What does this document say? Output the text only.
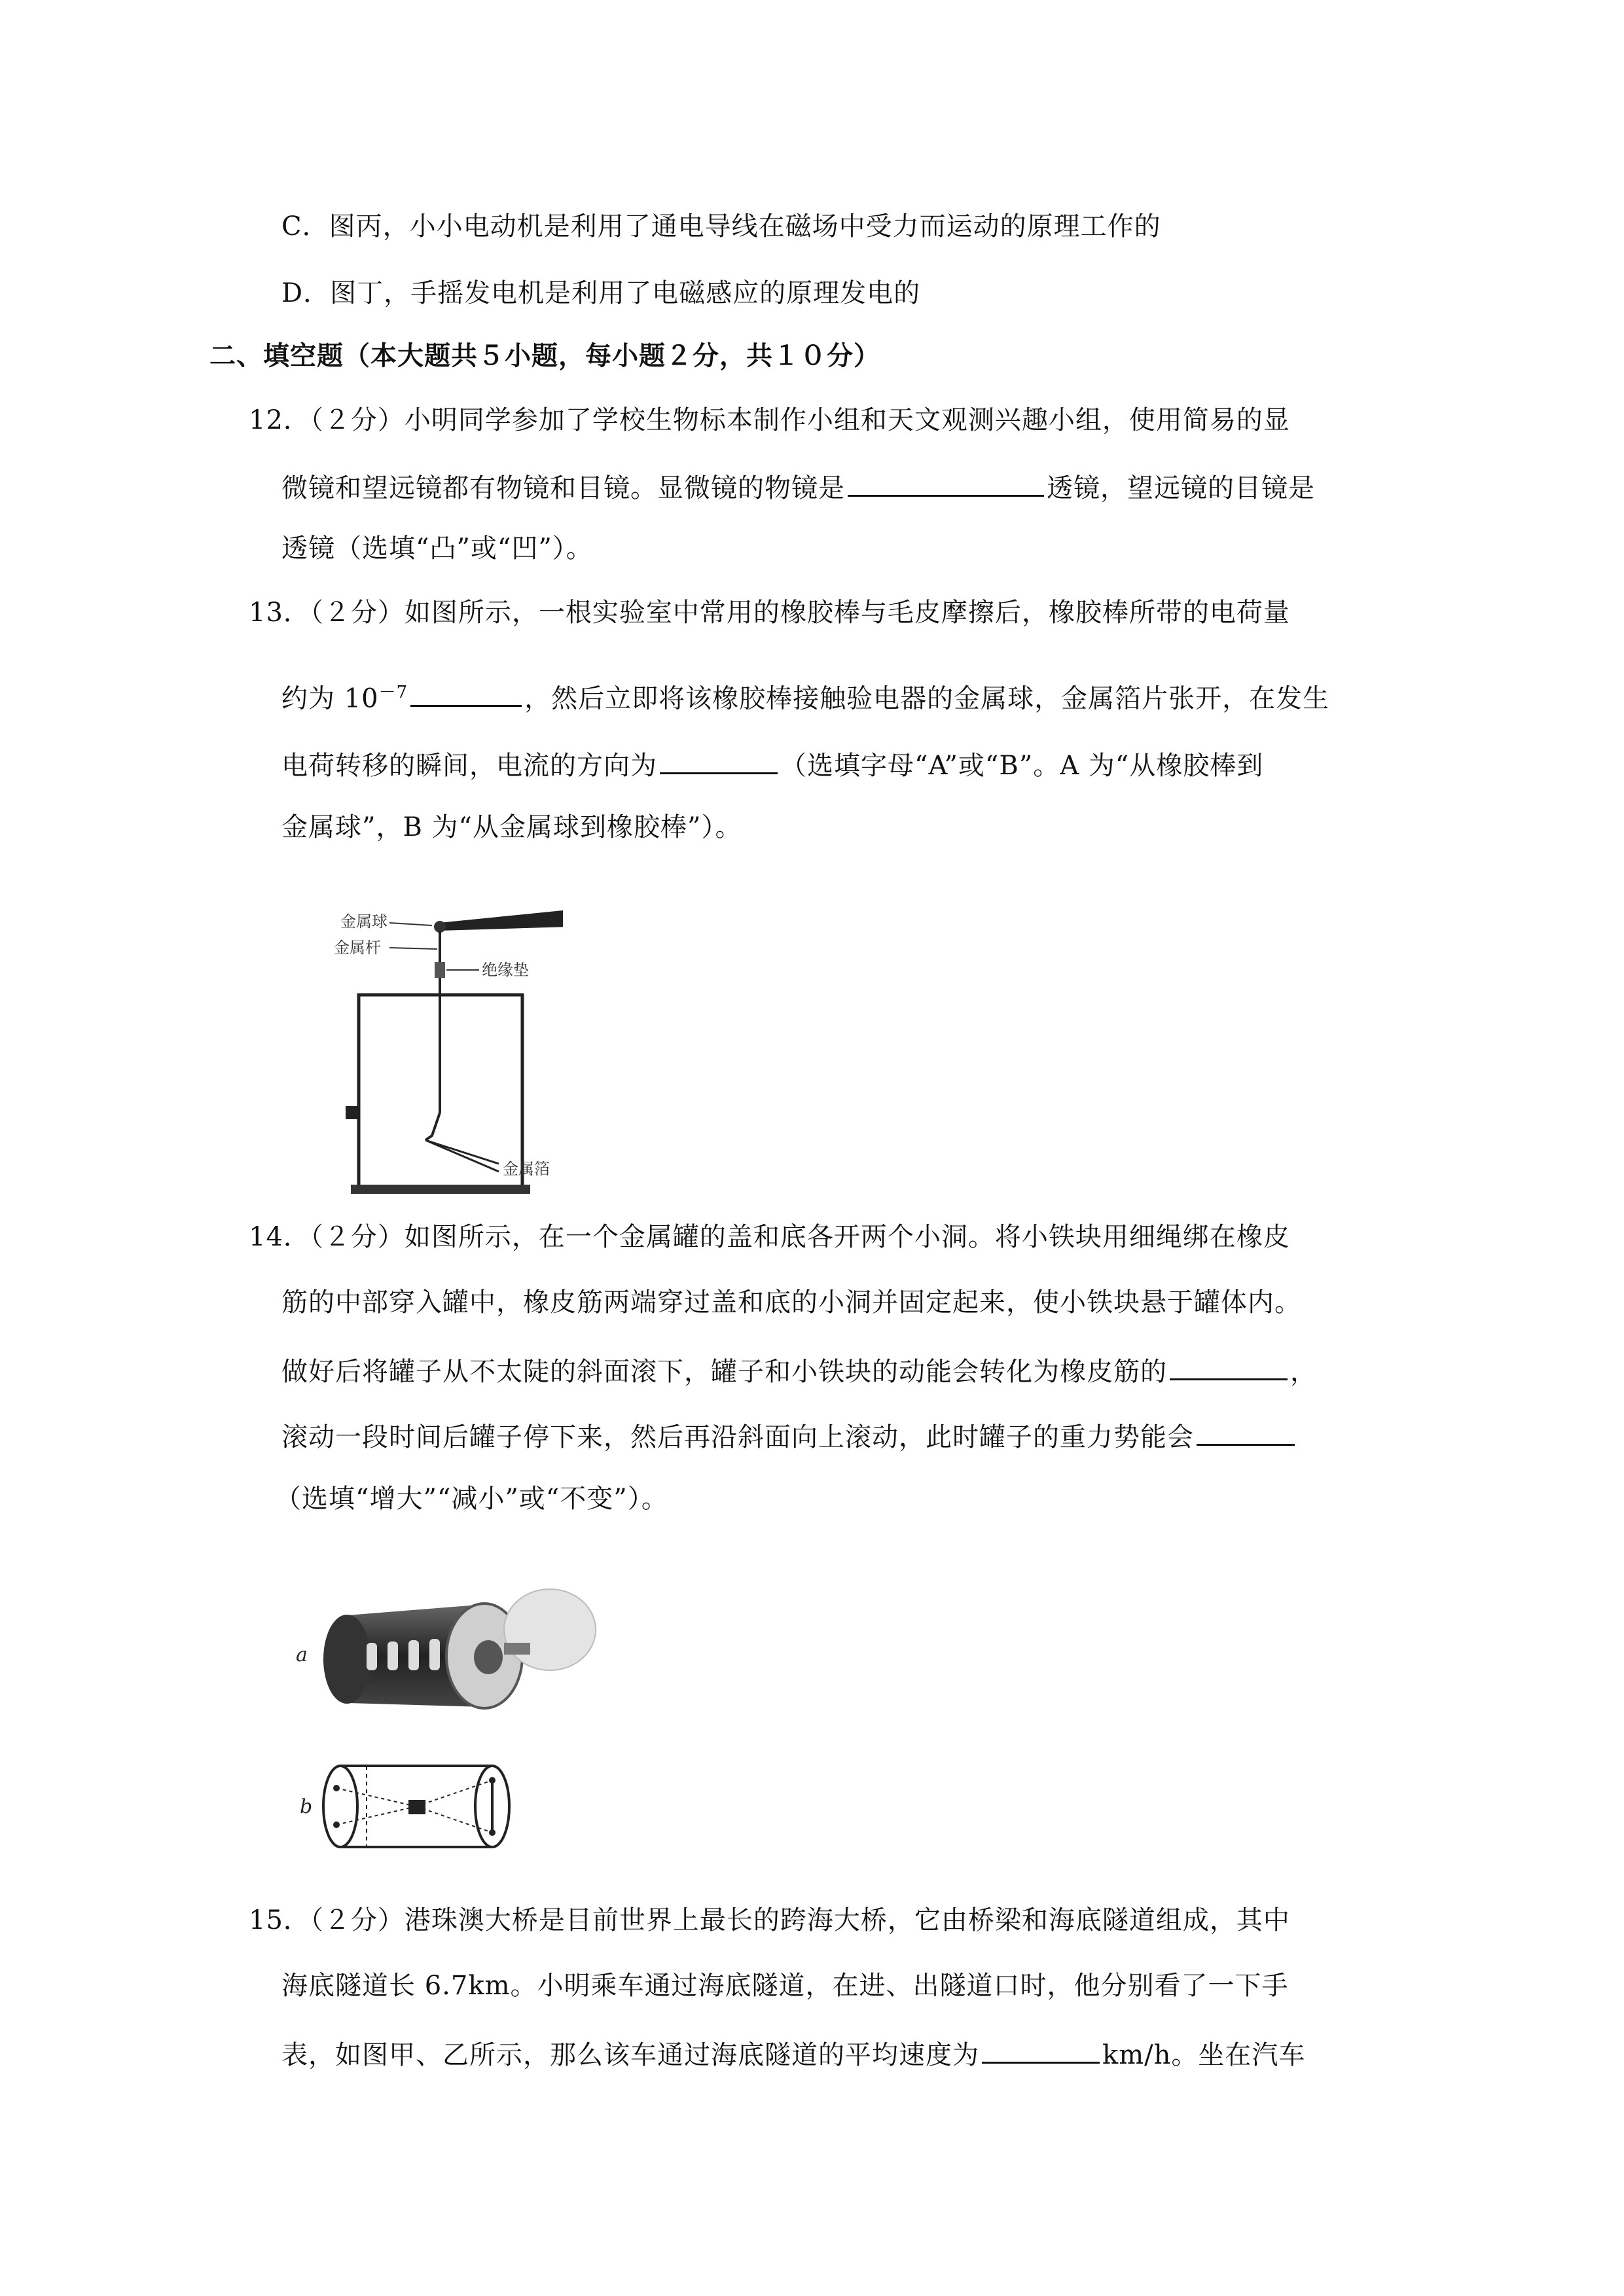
C．图丙，小小电动机是利用了通电导线在磁场中受力而运动的原理工作的
D．图丁，手摇发电机是利用了电磁感应的原理发电的
二、填空题（本大题共５小题，每小题２分，共１０分）
12．（２分）小明同学参加了学校生物标本制作小组和天文观测兴趣小组，使用简易的显
微镜和望远镜都有物镜和目镜。显微镜的物镜是	透镜，望远镜的目镜是
透镜（选填“凸”或“凹”）。
13．（２分）如图所示，一根实验室中常用的橡胶棒与毛皮摩擦后，橡胶棒所带的电荷量
约为 $10^{-7}$	，然后立即将该橡胶棒接触验电器的金属球，金属箔片张开，在发生
电荷转移的瞬间，电流的方向为	（选填字母“A”或“B”。A 为“从橡胶棒到
金属球”，B 为“从金属球到橡胶棒”）。
金属球
金属杆
绝缘垫
金属箔
14．（２分）如图所示，在一个金属罐的盖和底各开两个小洞。将小铁块用细绳绑在橡皮
筋的中部穿入罐中，橡皮筋两端穿过盖和底的小洞并固定起来，使小铁块悬于罐体内。
做好后将罐子从不太陡的斜面滚下，罐子和小铁块的动能会转化为橡皮筋的	，
滚动一段时间后罐子停下来，然后再沿斜面向上滚动，此时罐子的重力势能会
（选填“增大”“减小”或“不变”）。
a
b
15．（２分）港珠澳大桥是目前世界上最长的跨海大桥，它由桥梁和海底隧道组成，其中
海底隧道长 6.7km。小明乘车通过海底隧道，在进、出隧道口时，他分别看了一下手
表，如图甲、乙所示，那么该车通过海底隧道的平均速度为	km/h。坐在汽车
